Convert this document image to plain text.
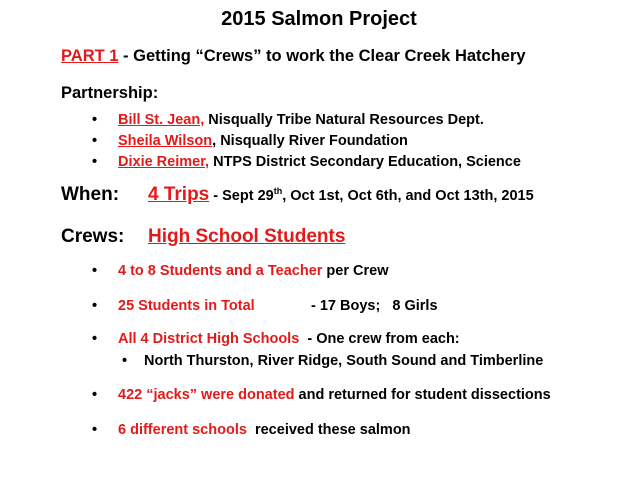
2015 Salmon Project
PART 1 - Getting “Crews” to work the Clear Creek Hatchery
Partnership:
• Bill St. Jean, Nisqually Tribe Natural Resources Dept.
• Sheila Wilson, Nisqually River Foundation
• Dixie Reimer, NTPS District Secondary Education, Science
When: 4 Trips - Sept 29th, Oct 1st, Oct 6th, and Oct 13th, 2015
Crews: High School Students
• 4 to 8 Students and a Teacher per Crew
• 25 Students in Total	- 17 Boys;   8 Girls
• All 4 District High Schools  - One crew from each:
• North Thurston, River Ridge, South Sound and Timberline
• 422 “jacks” were donated and returned for student dissections
• 6 different schools  received these salmon
